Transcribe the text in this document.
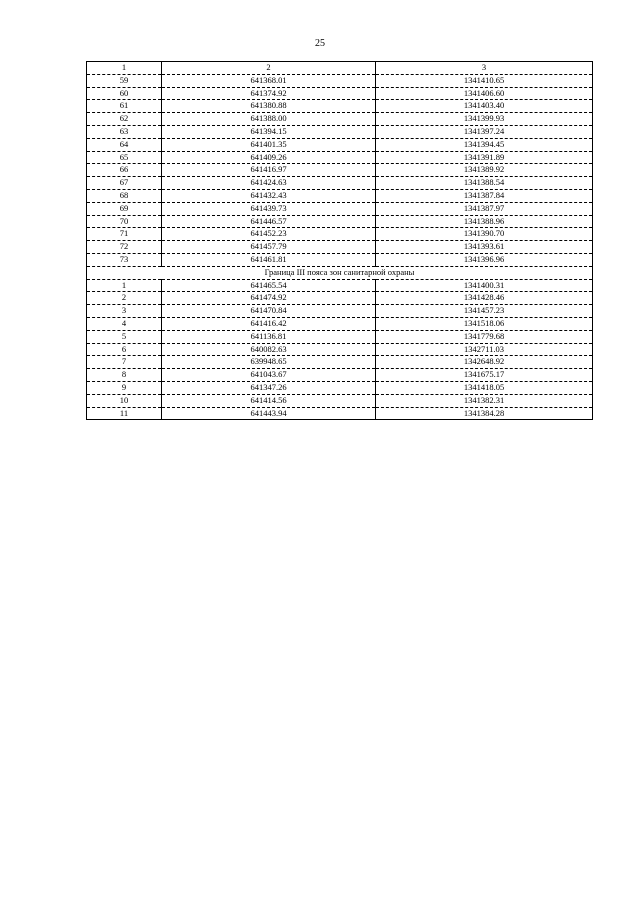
25
1	2	3
59	641368.01	1341410.65
60	641374.92	1341406.60
61	641380.88	1341403.40
62	641388.00	1341399.93
63	641394.15	1341397.24
64	641401.35	1341394.45
65	641409.26	1341391.89
66	641416.97	1341389.92
67	641424.63	1341388.54
68	641432.43	1341387.84
69	641439.73	1341387.97
70	641446.57	1341388.96
71	641452.23	1341390.70
72	641457.79	1341393.61
73	641461.81	1341396.96
Граница III пояса зон санитарной охраны		
1	641465.54	1341400.31
2	641474.92	1341428.46
3	641470.84	1341457.23
4	641416.42	1341518.06
5	641136.81	1341779.68
6	640082.63	1342711.03
7	639948.65	1342648.92
8	641043.67	1341675.17
9	641347.26	1341418.05
10	641414.56	1341382.31
11	641443.94	1341384.28
